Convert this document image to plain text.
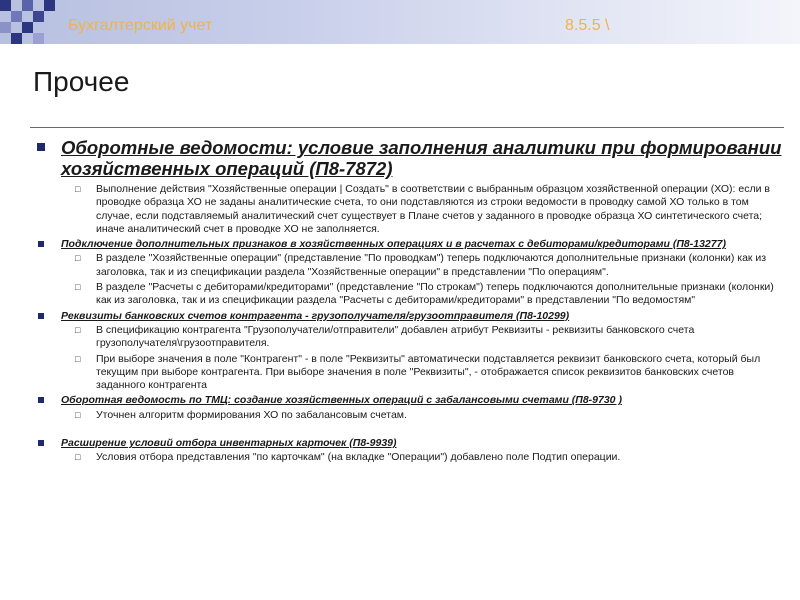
Бухгалтерский учет	8.5.5 \
Прочее

Оборотные ведомости: условие заполнения аналитики при формировании хозяйственных операций (П8-7872)

□ Выполнение действия "Хозяйственные операции | Создать" в соответствии с выбранным образцом хозяйственной операции (ХО): если в проводке образца ХО не заданы аналитические счета, то они подставляются из строки ведомости в проводку самой ХО только в том случае, если подставляемый аналитический счет существует в Плане счетов у заданного в проводке образца ХО синтетического счета; иначе аналитический счет в проводке ХО не заполняется.

Подключение дополнительных признаков в хозяйственных операциях и в расчетах с дебиторами/кредиторами (П8-13277)

□ В разделе "Хозяйственные операции" (представление "По проводкам") теперь подключаются дополнительные признаки (колонки) как из заголовка, так и из спецификации раздела "Хозяйственные операции" в представлении "По операциям".
□ В разделе "Расчеты с дебиторами/кредиторами" (представление "По строкам") теперь подключаются дополнительные признаки (колонки) как из заголовка, так и из спецификации раздела "Расчеты с дебиторами/кредиторами" в представлении "По ведомостям"

Реквизиты банковских счетов контрагента - грузополучателя/грузоотправителя (П8-10299)

□ В спецификацию контрагента "Грузополучатели/отправители" добавлен атрибут Реквизиты - реквизиты банковского счета грузополучателя\грузоотправителя.
□ При выборе значения в поле "Контрагент" - в поле "Реквизиты" автоматически подставляется реквизит банковского счета, который был текущим при выборе контрагента. При выборе значения в поле "Реквизиты", - отображается список реквизитов банковских счетов заданного контрагента

Оборотная ведомость по ТМЦ: создание хозяйственных операций с забалансовыми счетами (П8-9730 )

□ Уточнен алгоритм формирования ХО по забалансовым счетам.

Расширение условий отбора инвентарных карточек (П8-9939)

□ Условия отбора представления "по карточкам" (на вкладке "Операции") добавлено поле Подтип операции.
